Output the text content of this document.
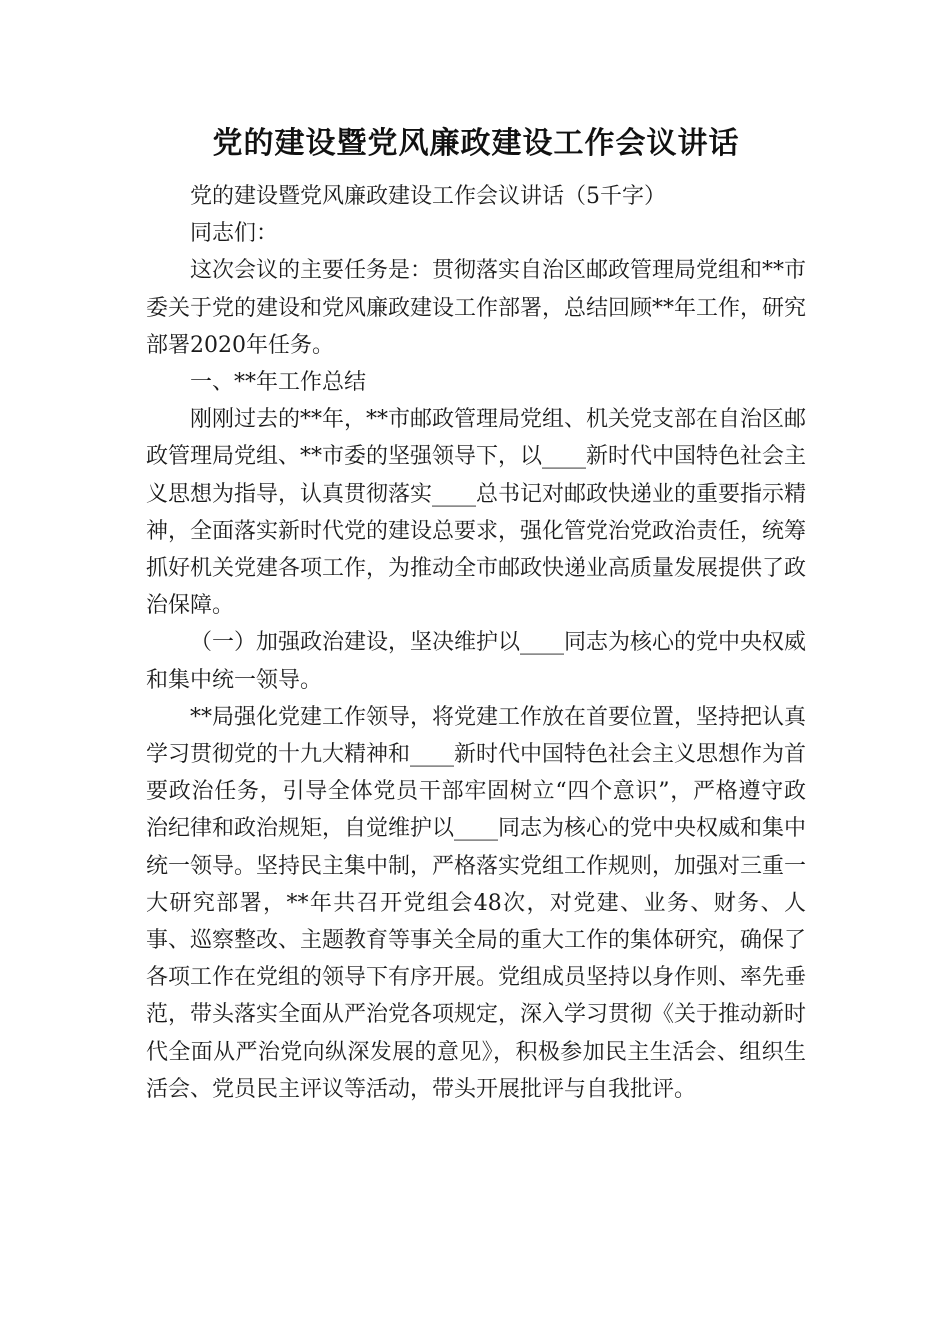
党的建设暨党风廉政建设工作会议讲话

党的建设暨党风廉政建设工作会议讲话（5千字）

同志们：

这次会议的主要任务是：贯彻落实自治区邮政管理局党组和**市委关于党的建设和党风廉政建设工作部署，总结回顾**年工作，研究部署2020年任务。

一、**年工作总结

刚刚过去的**年，**市邮政管理局党组、机关党支部在自治区邮政管理局党组、**市委的坚强领导下，以____新时代中国特色社会主义思想为指导，认真贯彻落实____总书记对邮政快递业的重要指示精神，全面落实新时代党的建设总要求，强化管党治党政治责任，统筹抓好机关党建各项工作，为推动全市邮政快递业高质量发展提供了政治保障。

（一）加强政治建设，坚决维护以____同志为核心的党中央权威和集中统一领导。

**局强化党建工作领导，将党建工作放在首要位置，坚持把认真学习贯彻党的十九大精神和____新时代中国特色社会主义思想作为首要政治任务，引导全体党员干部牢固树立“四个意识”，严格遵守政治纪律和政治规矩，自觉维护以____同志为核心的党中央权威和集中统一领导。坚持民主集中制，严格落实党组工作规则，加强对三重一大研究部署，**年共召开党组会48次，对党建、业务、财务、人事、巡察整改、主题教育等事关全局的重大工作的集体研究，确保了各项工作在党组的领导下有序开展。党组成员坚持以身作则、率先垂范，带头落实全面从严治党各项规定，深入学习贯彻《关于推动新时代全面从严治党向纵深发展的意见》，积极参加民主生活会、组织生活会、党员民主评议等活动，带头开展批评与自我批评。
